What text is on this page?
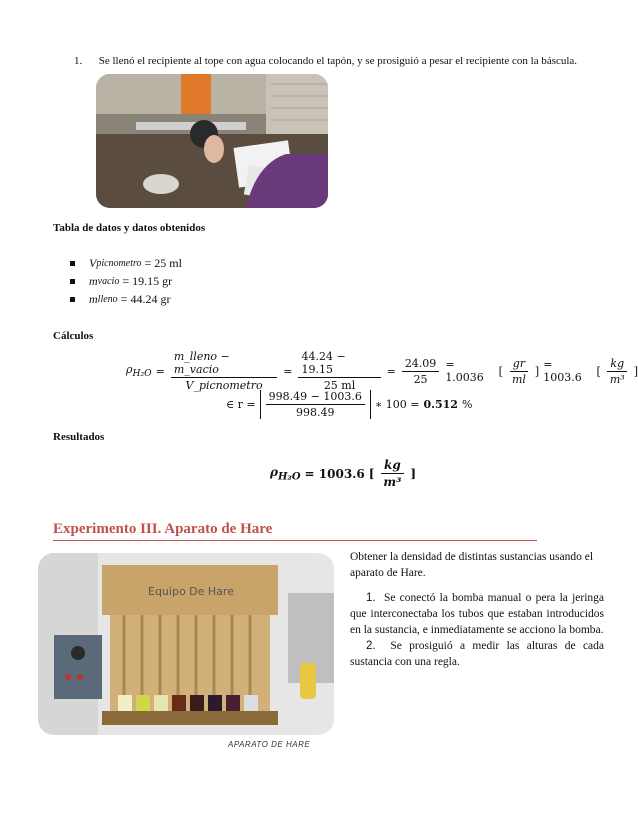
1. Se llenó el recipiente al tope con agua colocando el tapón, y se prosiguió a pesar el recipiente con la báscula.
Tabla de datos y datos obtenidos
V picnometro
= 25 ml
m vacio
= 19.15 gr
m lleno
= 44.24 gr
Cálculos
$\rho_{H_2O} = \frac{\text{m\_lleno − m\_vacio}}{\text{V\_picnometro}} = \frac{44.24 - 19.15}{25 ml} = \frac{24.09}{25} = 1.0036$	[ $\frac{gr}{ml}$ ] = 1003.6	[ $\frac{kg}{\text{m³}}$ ]
∈ $r = \frac{998.49 - 1003.6}{998.49}$ ∗ 100 = 0.512 %
Resultados
$\rho_{H_2O} = 1003.6$ [ $\frac{kg}{\text{m³}}$ ]
Experimento III. Aparato de Hare
Equipo De Hare
APARATO DE HARE

Obtener la densidad de distintas sustancias usando el aparato de Hare.

1. Se conectó la bomba manual o pera la jeringa que interconectaba los tubos que estaban introducidos en la sustancia, e inmediatamente se acciono la bomba.

2. Se prosiguió a medir las alturas de cada sustancia con una regla.
